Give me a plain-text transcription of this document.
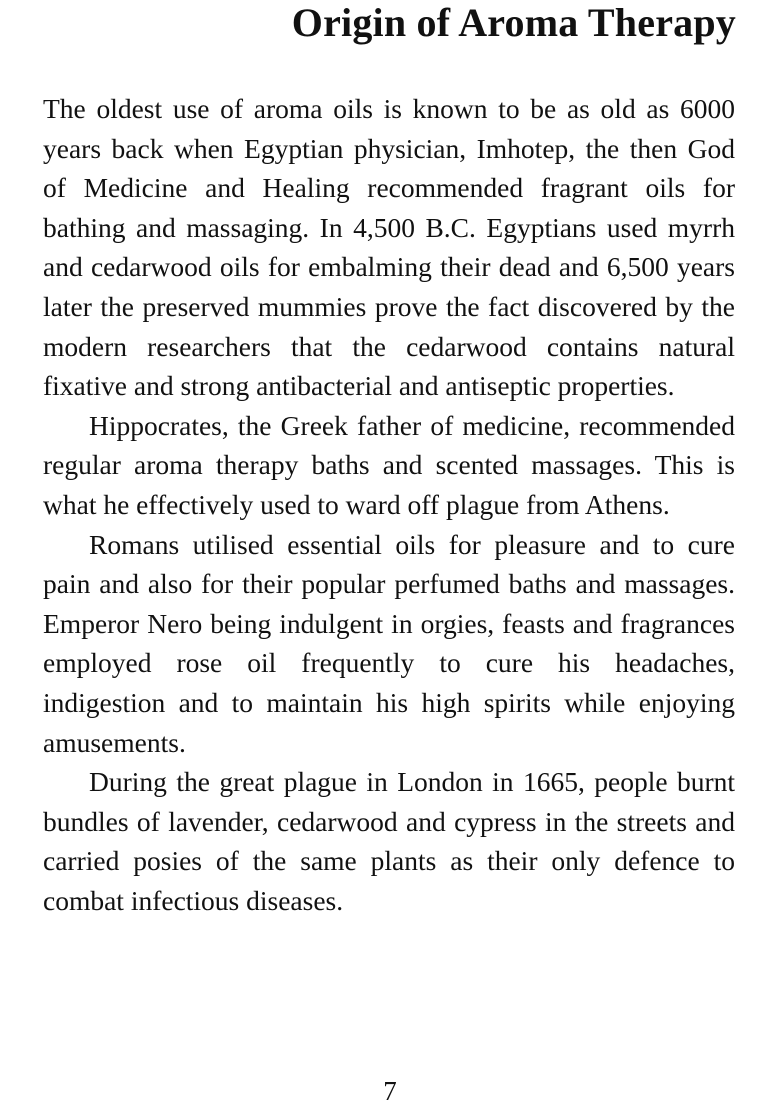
Origin of Aroma Therapy

The oldest use of aroma oils is known to be as old as 6000 years back when Egyptian physician, Imhotep, the then God of Medicine and Healing recommended fragrant oils for bathing and massaging. In 4,500 B.C. Egyptians used myrrh and cedarwood oils for embalming their dead and 6,500 years later the preserved mummies prove the fact discovered by the modern researchers that the cedarwood contains natural fixative and strong antibacterial and antiseptic properties.

Hippocrates, the Greek father of medicine, recommended regular aroma therapy baths and scented massages. This is what he effectively used to ward off plague from Athens.

Romans utilised essential oils for pleasure and to cure pain and also for their popular perfumed baths and massages. Emperor Nero being indulgent in orgies, feasts and fragrances employed rose oil frequently to cure his headaches, indigestion and to maintain his high spirits while enjoying amusements.

During the great plague in London in 1665, people burnt bundles of lavender, cedarwood and cypress in the streets and carried posies of the same plants as their only defence to combat infectious diseases.

7
